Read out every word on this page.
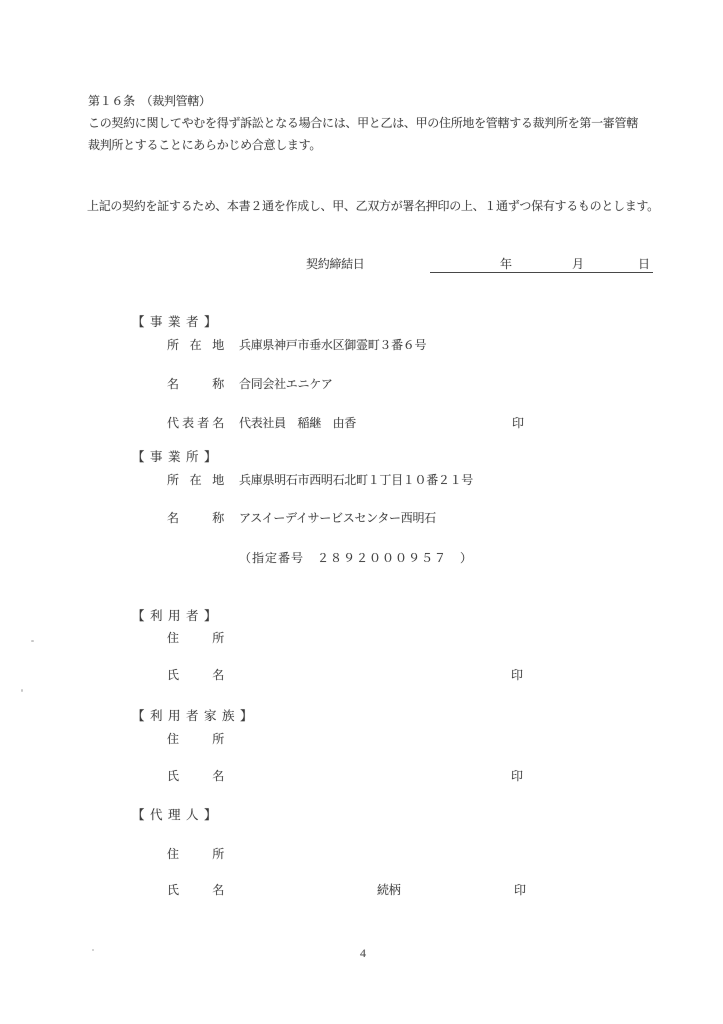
第１６条　（裁判管轄）
この契約に関してやむを得ず訴訟となる場合には、甲と乙は、甲の住所地を管轄する裁判所を第一審管轄
裁判所とすることにあらかじめ合意します。
上記の契約を証するため、本書２通を作成し、甲、乙双方が署名押印の上、１通ずつ保有するものとします。
契約締結日	年	月	日
【事業者】
所在地 兵庫県神戸市垂水区御霊町３番６号
名称 合同会社エニケア
代表者名 代表社員　稲継　由香	印
【事業所】
所在地 兵庫県明石市西明石北町１丁目１０番２１号
名称 アスイーデイサービスセンター西明石
（指定番号　２８９２０００９５７　）
【利用者】
住所
氏名	印
【利用者家族】
住所
氏名	印
【代理人】
住所
氏名	続柄	印
4
